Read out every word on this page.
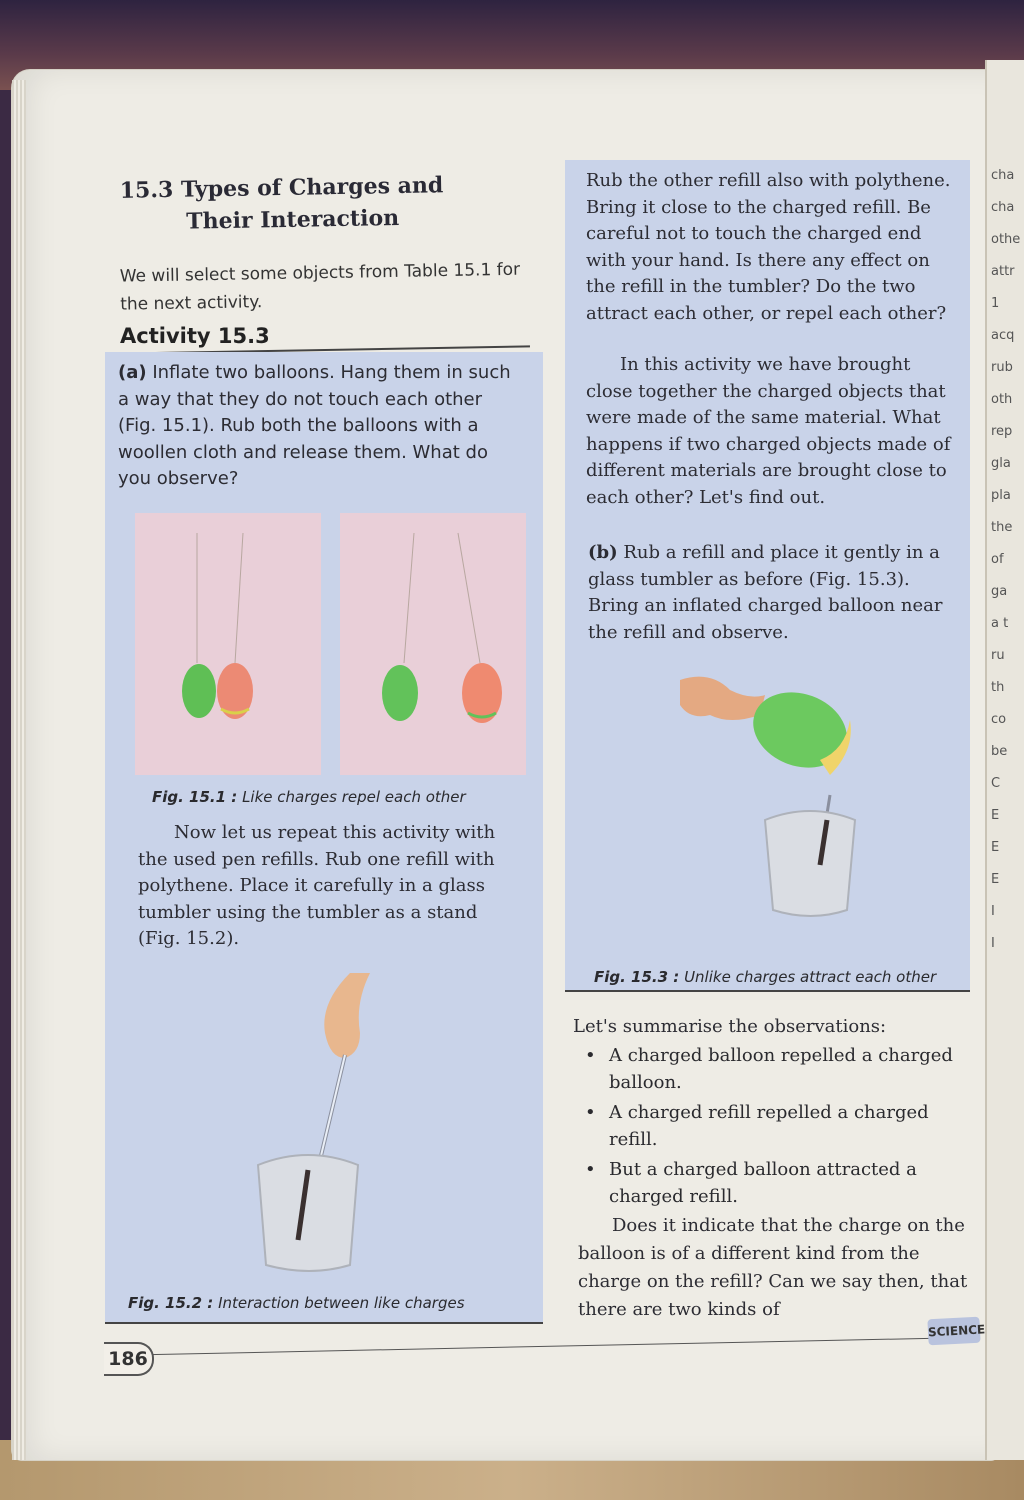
cha
cha
othe
attr
1
acq
rub
oth
rep
gla
pla
the
of
ga
a t
ru
th
co
be
C
E
E
E
I
I
15.3 Types of Charges and
Their Interaction

We will select some objects from Table 15.1 for the next activity.

Activity 15.3

(a) Inflate two balloons. Hang them in such a way that they do not touch each other (Fig. 15.1). Rub both the balloons with a woollen cloth and release them. What do you observe?

Fig. 15.1 : Like charges repel each other

Now let us repeat this activity with the used pen refills. Rub one refill with polythene. Place it carefully in a glass tumbler using the tumbler as a stand (Fig. 15.2).

Fig. 15.2 : Interaction between like charges

Rub the other refill also with polythene. Bring it close to the charged refill. Be careful not to touch the charged end with your hand. Is there any effect on the refill in the tumbler? Do the two attract each other, or repel each other?

In this activity we have brought close together the charged objects that were made of the same material. What happens if two charged objects made of different materials are brought close to each other? Let's find out.

(b) Rub a refill and place it gently in a glass tumbler as before (Fig. 15.3). Bring an inflated charged balloon near the refill and observe.

Fig. 15.3 : Unlike charges attract each other

Let's summarise the observations:

• A charged balloon repelled a charged balloon.
• A charged refill repelled a charged refill.
• But a charged balloon attracted a charged refill.

Does it indicate that the charge on the balloon is of a different kind from the charge on the refill? Can we say then, that there are two kinds of

186
SCIENCE
